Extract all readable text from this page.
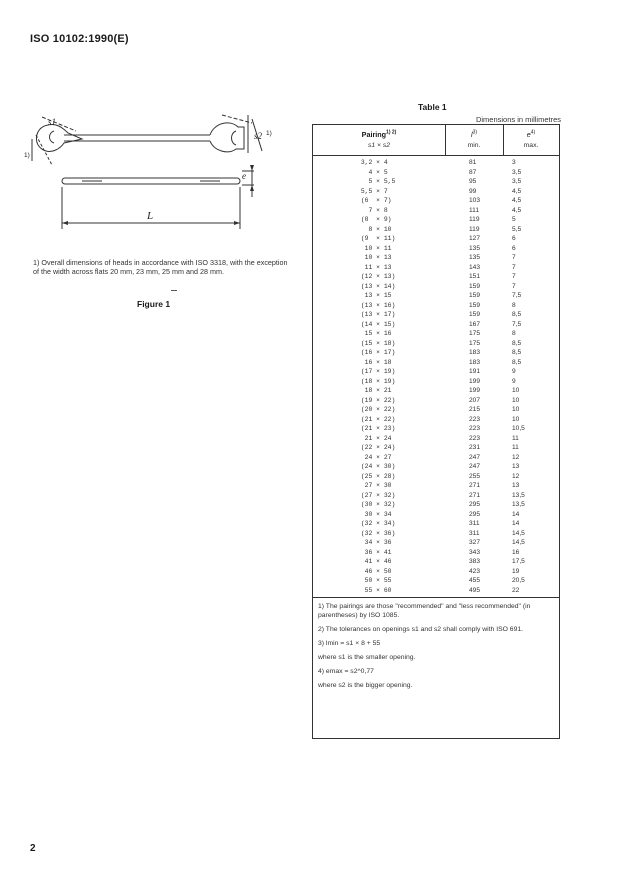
ISO 10102:1990(E)
s1
s2
e
L
1)
1)
1) Overall dimensions of heads in accordance with ISO 3318, with the exception of the width across flats 20 mm, 23 mm, 25 mm and 28 mm.
Figure 1
Table 1
Dimensions in millimetres
Pairing$^{1) 2)}$
s1 × s2
$l^{3)}$
min.
$e^{4)}$
max.
3,2 × 4	81	3
4 × 5	87	3,5
5 × 5,5	95	3,5
5,5 × 7	99	4,5
(6  × 7)	103	4,5
7 × 8	111	4,5
(8  × 9)	119	5
8 × 10	119	5,5
(9  × 11)	127	6
10 × 11	135	6
10 × 13	135	7
11 × 13	143	7
(12 × 13)	151	7
(13 × 14)	159	7
13 × 15	159	7,5
(13 × 16)	159	8
(13 × 17)	159	8,5
(14 × 15)	167	7,5
15 × 16	175	8
(15 × 18)	175	8,5
(16 × 17)	183	8,5
16 × 18	183	8,5
(17 × 19)	191	9
(18 × 19)	199	9
18 × 21	199	10
(19 × 22)	207	10
(20 × 22)	215	10
(21 × 22)	223	10
(21 × 23)	223	10,5
21 × 24	223	11
(22 × 24)	231	11
24 × 27	247	12
(24 × 30)	247	13
(25 × 28)	255	12
27 × 30	271	13
(27 × 32)	271	13,5
(30 × 32)	295	13,5
30 × 34	295	14
(32 × 34)	311	14
(32 × 36)	311	14,5
34 × 36	327	14,5
36 × 41	343	16
41 × 46	383	17,5
46 × 50	423	19
50 × 55	455	20,5
55 × 60	495	22
1) The pairings are those "recommended" and "less recommended" (in parentheses) by ISO 1085.
2) The tolerances on openings s1 and s2 shall comply with ISO 691.
3) lmin = s1 × 8 + 55
where s1 is the smaller opening.
4) emax = s2^0,77
where s2 is the bigger opening.
2
